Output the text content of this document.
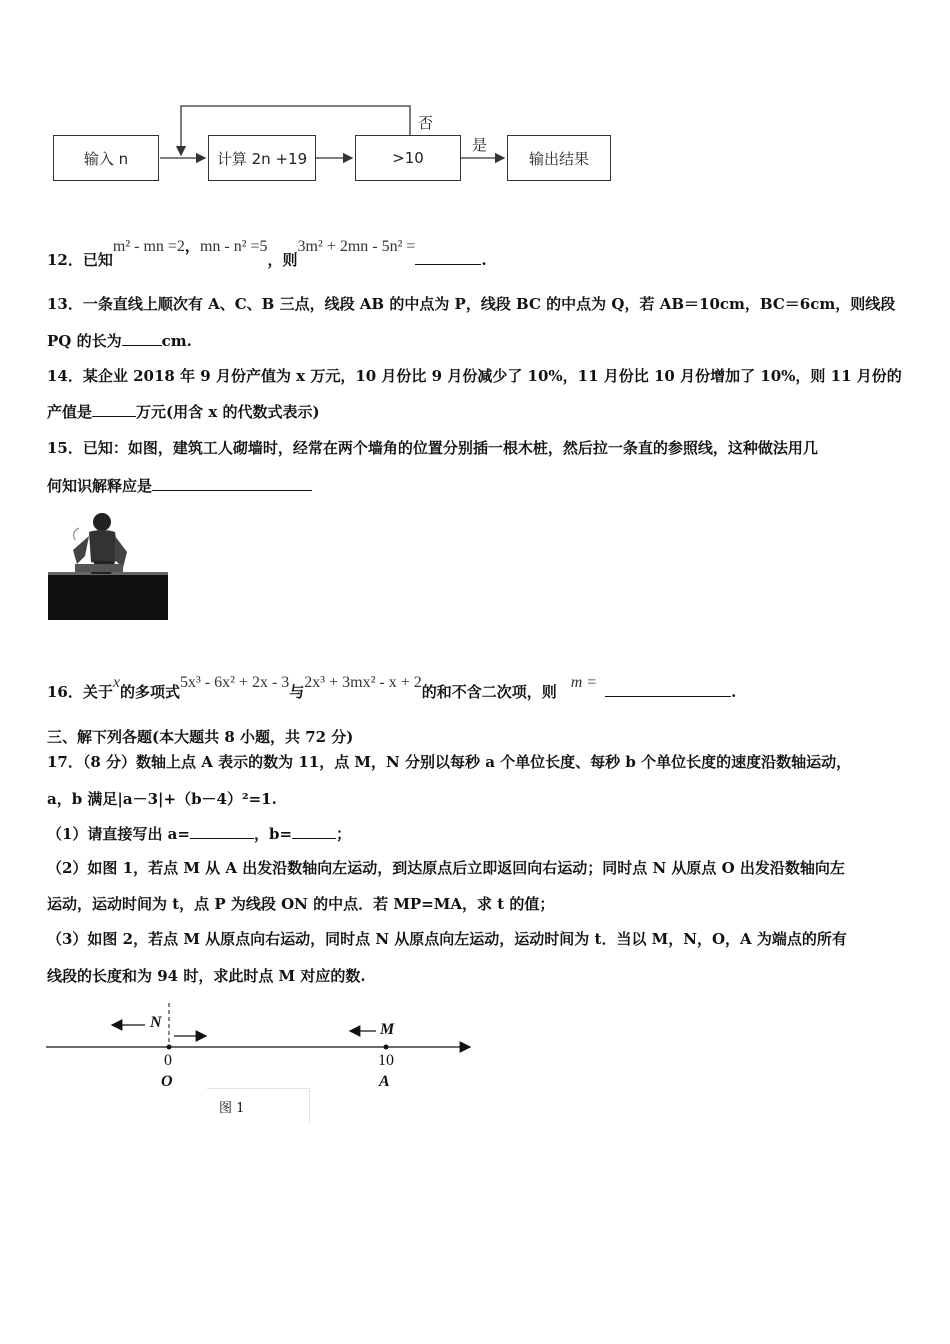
输入 n	计算 2n +19	>10	输出结果
否
是
12．已知m² - mn =2，mn - n² =5，则3m² + 2mn - 5n² =.
13．一条直线上顺次有 A、C、B 三点，线段 AB 的中点为 P，线段 BC 的中点为 Q，若 AB＝10cm，BC＝6cm，则线段
PQ 的长为	cm.
14．某企业 2018 年 9 月份产值为 x 万元，10 月份比 9 月份减少了 10%，11 月份比 10 月份增加了 10%，则 11 月份的
产值是	万元(用含 x 的代数式表示)
15．已知：如图，建筑工人砌墙时，经常在两个墙角的位置分别插一根木桩，然后拉一条直的参照线，这种做法用几
何知识解释应是
16．关于x的多项式5x³ - 6x² + 2x - 3与2x³ + 3mx² - x + 2的和不含二次项，则m =.
三、解下列各题(本大题共 8 小题，共 72 分)
17．（8 分）数轴上点 A 表示的数为 11，点 M，N 分别以每秒 a 个单位长度、每秒 b 个单位长度的速度沿数轴运动，
a，b 满足|a－3|+（b－4）²=1.
（1）请直接写出 a=	，b=	；
（2）如图 1，若点 M 从 A 出发沿数轴向左运动，到达原点后立即返回向右运动；同时点 N 从原点 O 出发沿数轴向左
运动，运动时间为 t，点 P 为线段 ON 的中点．若 MP=MA，求 t 的值；
（3）如图 2，若点 M 从原点向右运动，同时点 N 从原点向左运动，运动时间为 t．当以 M，N，O，A 为端点的所有
线段的长度和为 94 时，求此时点 M 对应的数.
N	M
0	10
O	A
图 1
